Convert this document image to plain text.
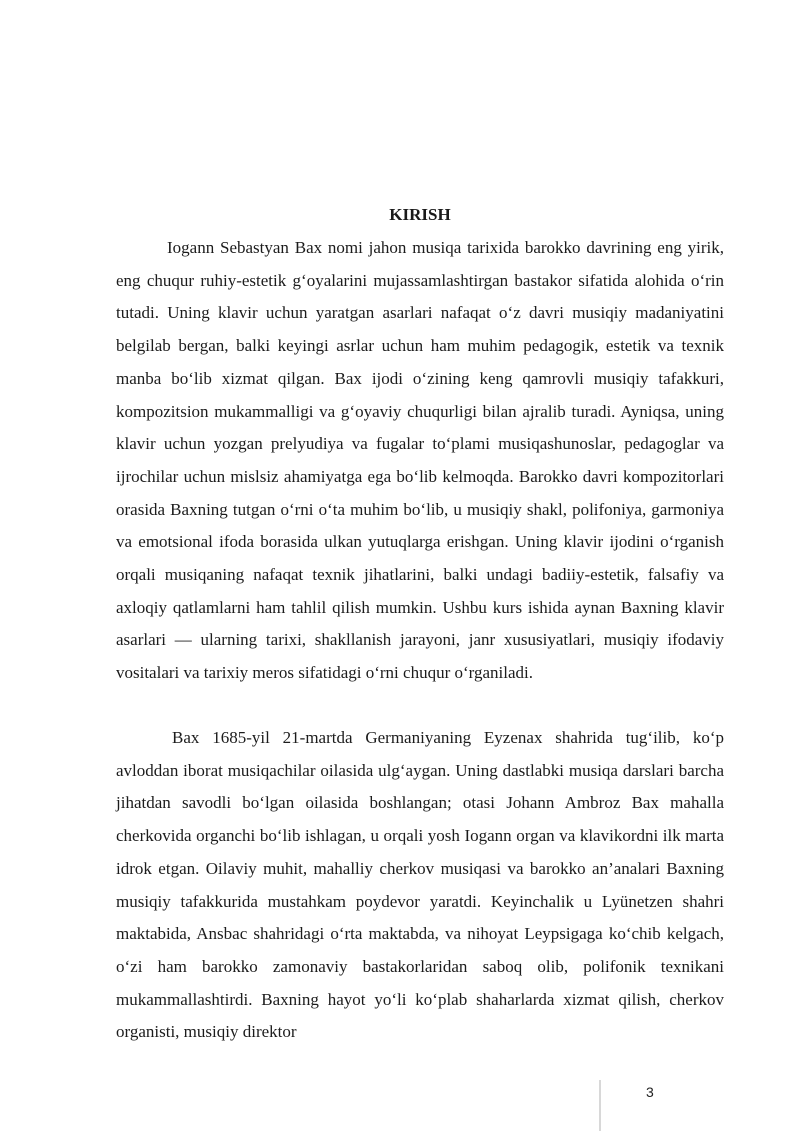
KIRISH

Iogann Sebastyan Bax nomi jahon musiqa tarixida barokko davrining eng yirik, eng chuqur ruhiy-estetik g‘oyalarini mujassamlashtirgan bastakor sifatida alohida o‘rin tutadi. Uning klavir uchun yaratgan asarlari nafaqat o‘z davri musiqiy madaniyatini belgilab bergan, balki keyingi asrlar uchun ham muhim pedagogik, estetik va texnik manba bo‘lib xizmat qilgan. Bax ijodi o‘zining keng qamrovli musiqiy tafakkuri, kompozitsion mukammalligi va g‘oyaviy chuqurligi bilan ajralib turadi. Ayniqsa, uning klavir uchun yozgan prelyudiya va fugalar to‘plami musiqashunoslar, pedagoglar va ijrochilar uchun mislsiz ahamiyatga ega bo‘lib kelmoqda. Barokko davri kompozitorlari orasida Baxning tutgan o‘rni o‘ta muhim bo‘lib, u musiqiy shakl, polifoniya, garmoniya va emotsional ifoda borasida ulkan yutuqlarga erishgan. Uning klavir ijodini o‘rganish orqali musiqaning nafaqat texnik jihatlarini, balki undagi badiiy-estetik, falsafiy va axloqiy qatlamlarni ham tahlil qilish mumkin. Ushbu kurs ishida aynan Baxning klavir asarlari — ularning tarixi, shakllanish jarayoni, janr xususiyatlari, musiqiy ifodaviy vositalari va tarixiy meros sifatidagi o‘rni chuqur o‘rganiladi.

Bax 1685-yil 21-martda Germaniyaning Eyzenax shahrida tug‘ilib, ko‘p avloddan iborat musiqachilar oilasida ulg‘aygan. Uning dastlabki musiqa darslari barcha jihatdan savodli bo‘lgan oilasida boshlangan; otasi Johann Ambroz Bax mahalla cherkovida organchi bo‘lib ishlagan, u orqali yosh Iogann organ va klavikordni ilk marta idrok etgan. Oilaviy muhit, mahalliy cherkov musiqasi va barokko an’analari Baxning musiqiy tafakkurida mustahkam poydevor yaratdi. Keyinchalik u Lyünetzen shahri maktabida, Ansbac shahridagi o‘rta maktabda, va nihoyat Leypsigaga ko‘chib kelgach, o‘zi ham barokko zamonaviy bastakorlaridan saboq olib, polifonik texnikani mukammallashtirdi. Baxning hayot yo‘li ko‘plab shaharlarda xizmat qilish, cherkov organisti, musiqiy direktor

3
